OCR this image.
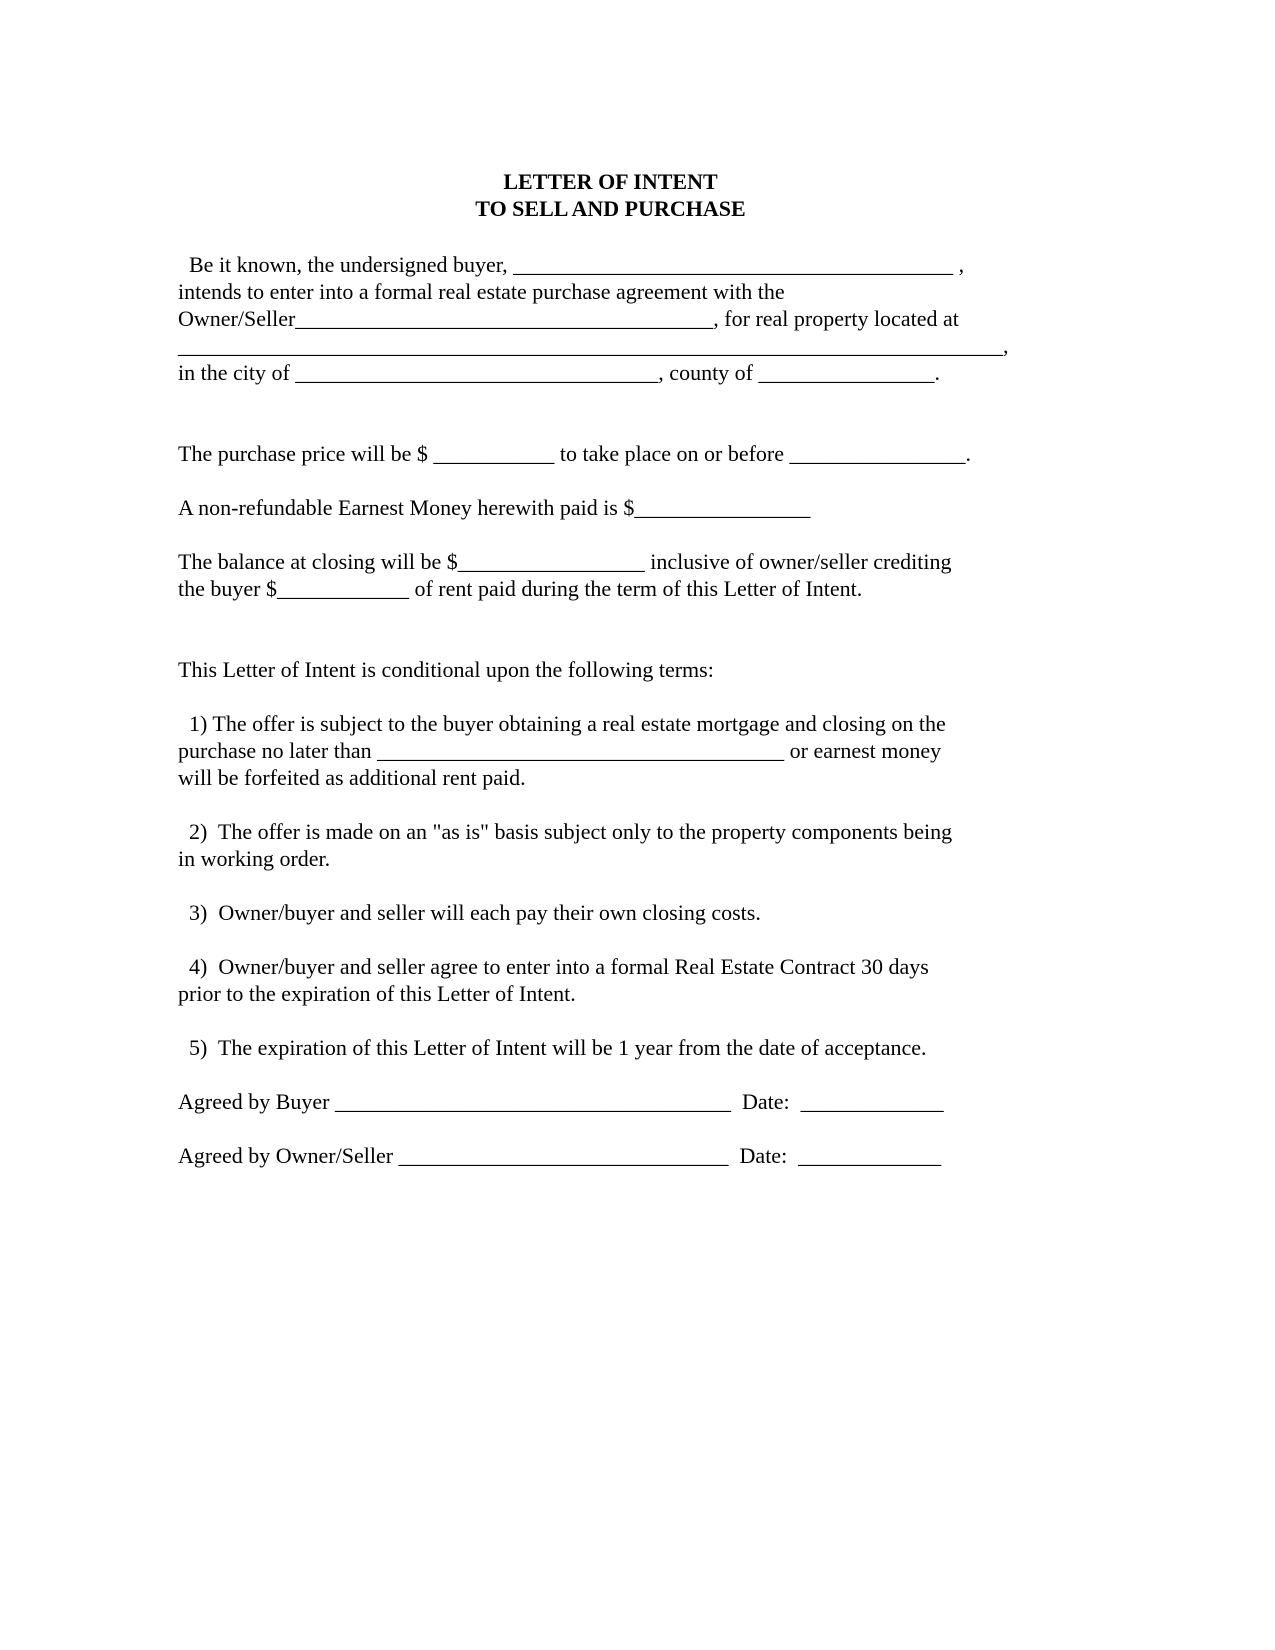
LETTER OF INTENT
TO SELL AND PURCHASE
Be it known, the undersigned buyer, ________________________________________ ,
intends to enter into a formal real estate purchase agreement with the
Owner/Seller______________________________________, for real property located at
___________________________________________________________________________,
in the city of _________________________________, county of ________________.
The purchase price will be $ ___________ to take place on or before ________________.
A non-refundable Earnest Money herewith paid is $________________
The balance at closing will be $_________________ inclusive of owner/seller crediting
the buyer $____________ of rent paid during the term of this Letter of Intent.
This Letter of Intent is conditional upon the following terms:
1) The offer is subject to the buyer obtaining a real estate mortgage and closing on the
purchase no later than _____________________________________ or earnest money
will be forfeited as additional rent paid.
2)  The offer is made on an "as is" basis subject only to the property components being
in working order.
3)  Owner/buyer and seller will each pay their own closing costs.
4)  Owner/buyer and seller agree to enter into a formal Real Estate Contract 30 days
prior to the expiration of this Letter of Intent.
5)  The expiration of this Letter of Intent will be 1 year from the date of acceptance.
Agreed by Buyer ____________________________________  Date:  _____________
Agreed by Owner/Seller ______________________________  Date:  _____________
